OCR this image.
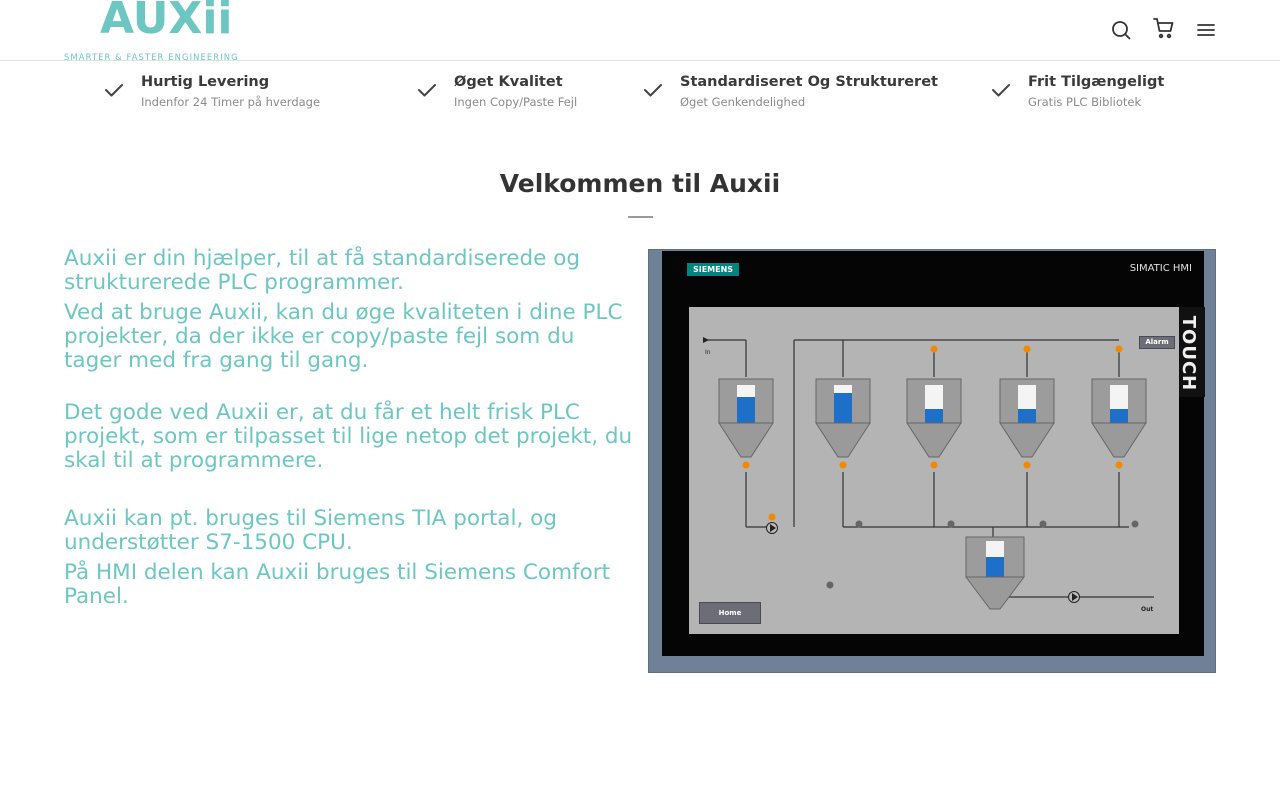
AUXii
SMARTER & FASTER ENGINEERING
Hurtig Levering
Indenfor 24 Timer på hverdage
Øget Kvalitet
Ingen Copy/Paste Fejl
Standardiseret Og Struktureret
Øget Genkendelighed
Frit Tilgængeligt
Gratis PLC Bibliotek
Velkommen til Auxii

Auxii er din hjælper, til at få standardiserede og strukturerede PLC programmer.

Ved at bruge Auxii, kan du øge kvaliteten i dine PLC projekter, da der ikke er copy/paste fejl som du tager med fra gang til gang.

Det gode ved Auxii er, at du får et helt frisk PLC projekt, som er tilpasset til lige netop det projekt, du skal til at programmere.

Auxii kan pt. bruges til Siemens TIA portal, og understøtter S7-1500 CPU.

På HMI delen kan Auxii bruges til Siemens Comfort Panel.

SIEMENS	SIMATIC HMI
In
Out
Alarm
Home
TOUCH
